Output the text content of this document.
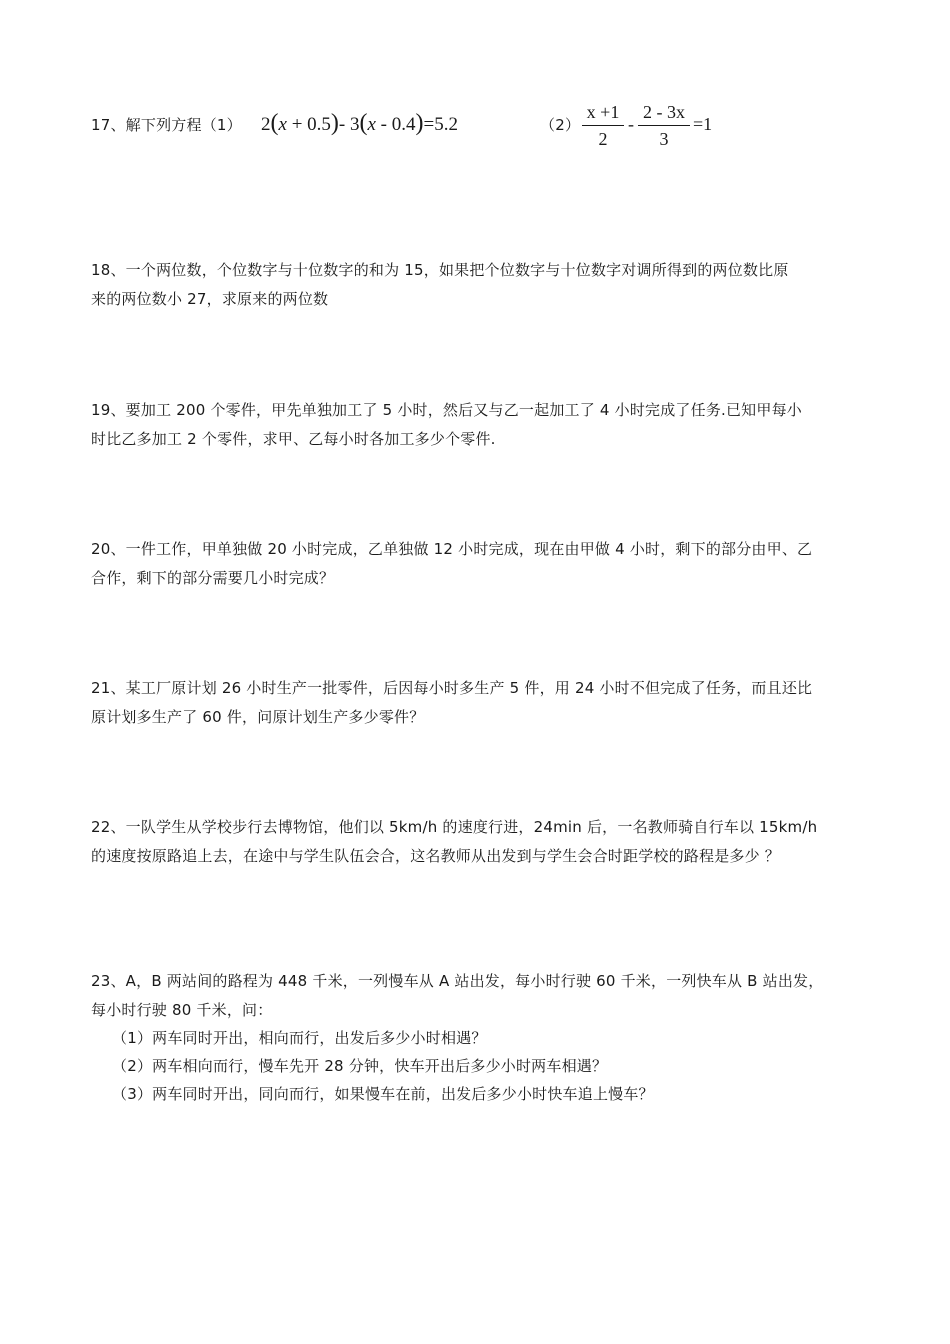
17、解下列方程（1） 2(x + 0.5)- 3(x - 0.4)=5.2	（2）
x +1
2
-
2 - 3x
3
=1
18、一个两位数，个位数字与十位数字的和为 15，如果把个位数字与十位数字对调所得到的两位数比原
来的两位数小 27，求原来的两位数
19、要加工 200 个零件，甲先单独加工了 5 小时，然后又与乙一起加工了 4 小时完成了任务.已知甲每小
时比乙多加工 2 个零件，求甲、乙每小时各加工多少个零件.
20、一件工作，甲单独做 20 小时完成，乙单独做 12 小时完成，现在由甲做 4 小时，剩下的部分由甲、乙
合作，剩下的部分需要几小时完成？
21、某工厂原计划 26 小时生产一批零件，后因每小时多生产 5 件，用 24 小时不但完成了任务，而且还比
原计划多生产了 60 件，问原计划生产多少零件？
22、一队学生从学校步行去博物馆，他们以 5km/h 的速度行进，24min 后，一名教师骑自行车以 15km/h
的速度按原路追上去，在途中与学生队伍会合，这名教师从出发到与学生会合时距学校的路程是多少 ？
23、A，B 两站间的路程为 448 千米，一列慢车从 A 站出发，每小时行驶 60 千米，一列快车从 B 站出发，
每小时行驶 80 千米，问：
（1）两车同时开出，相向而行，出发后多少小时相遇？
（2）两车相向而行，慢车先开 28 分钟，快车开出后多少小时两车相遇？
（3）两车同时开出，同向而行，如果慢车在前，出发后多少小时快车追上慢车？
